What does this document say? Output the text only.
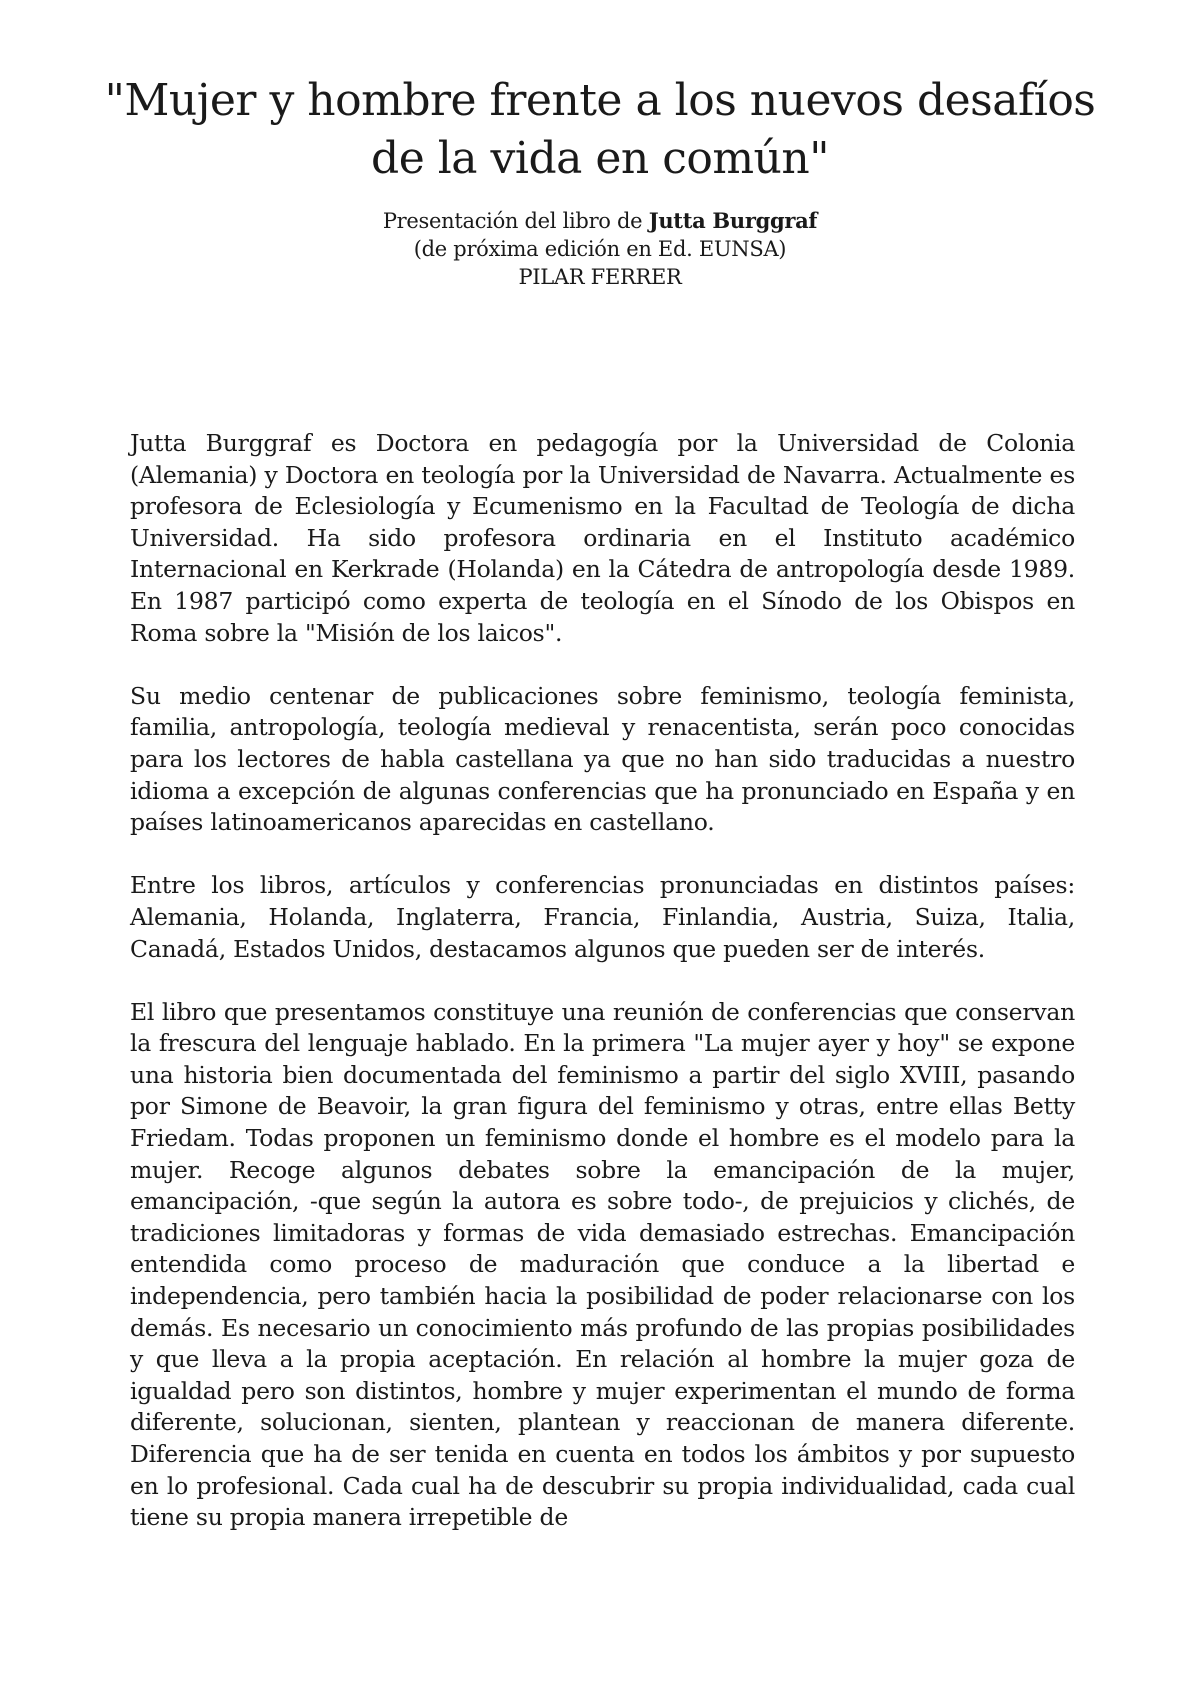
"Mujer y hombre frente a los nuevos desafíos de la vida en común"
Presentación del libro de Jutta Burggraf
(de próxima edición en Ed. EUNSA)
PILAR FERRER

Jutta Burggraf es Doctora en pedagogía por la Universidad de Colonia (Alemania) y Doctora en teología por la Universidad de Navarra. Actualmente es profesora de Eclesiología y Ecumenismo en la Facultad de Teología de dicha Universidad. Ha sido profesora ordinaria en el Instituto académico Internacional en Kerkrade (Holanda) en la Cátedra de antropología desde 1989. En 1987 participó como experta de teología en el Sínodo de los Obispos en Roma sobre la "Misión de los laicos".

Su medio centenar de publicaciones sobre feminismo, teología feminista, familia, antropología, teología medieval y renacentista, serán poco conocidas para los lectores de habla castellana ya que no han sido traducidas a nuestro idioma a excepción de algunas conferencias que ha pronunciado en España y en países latinoamericanos aparecidas en castellano.

Entre los libros, artículos y conferencias pronunciadas en distintos países: Alemania, Holanda, Inglaterra, Francia, Finlandia, Austria, Suiza, Italia, Canadá, Estados Unidos, destacamos algunos que pueden ser de interés.

El libro que presentamos constituye una reunión de conferencias que conservan la frescura del lenguaje hablado. En la primera "La mujer ayer y hoy" se expone una historia bien documentada del feminismo a partir del siglo XVIII, pasando por Simone de Beavoir, la gran figura del feminismo y otras, entre ellas Betty Friedam. Todas proponen un feminismo donde el hombre es el modelo para la mujer. Recoge algunos debates sobre la emancipación de la mujer, emancipación, -que según la autora es sobre todo-, de prejuicios y clichés, de tradiciones limitadoras y formas de vida demasiado estrechas. Emancipación entendida como proceso de maduración que conduce a la libertad e independencia, pero también hacia la posibilidad de poder relacionarse con los demás. Es necesario un conocimiento más profundo de las propias posibilidades y que lleva a la propia aceptación. En relación al hombre la mujer goza de igualdad pero son distintos, hombre y mujer experimentan el mundo de forma diferente, solucionan, sienten, plantean y reaccionan de manera diferente. Diferencia que ha de ser tenida en cuenta en todos los ámbitos y por supuesto en lo profesional. Cada cual ha de descubrir su propia individualidad, cada cual tiene su propia manera irrepetible de
